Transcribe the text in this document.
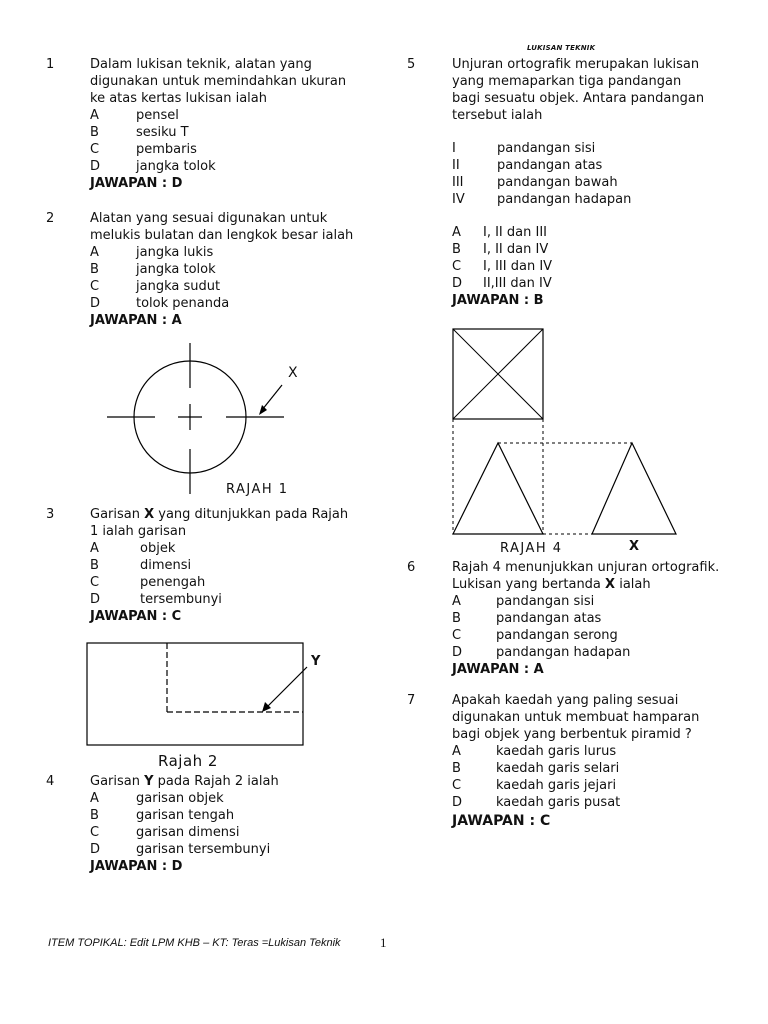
LUKISAN TEKNIK
1	Dalam lukisan teknik, alatan yang
digunakan untuk memindahkan ukuran
ke atas kertas lukisan ialah
A	pensel
B	sesiku T
C	pembaris
D	jangka tolok
JAWAPAN : D
2	Alatan yang sesuai digunakan untuk
melukis bulatan dan lengkok besar ialah
A	jangka lukis
B	jangka tolok
C	jangka sudut
D	tolok penanda
JAWAPAN : A
X
RAJAH 1
3	Garisan X yang ditunjukkan pada Rajah
1 ialah garisan
A	objek
B	dimensi
C	penengah
D	tersembunyi
JAWAPAN : C
Y
Rajah 2
4	Garisan Y pada Rajah 2 ialah
A	garisan objek
B	garisan tengah
C	garisan dimensi
D	garisan tersembunyi
JAWAPAN : D
5	Unjuran ortografik merupakan lukisan
yang memaparkan tiga pandangan
bagi sesuatu objek. Antara pandangan
tersebut ialah
I	pandangan sisi
II	pandangan atas
III	pandangan bawah
IV pandangan hadapan
A I, II dan III
B I, II dan IV
C I, III dan IV
D II,III dan IV
JAWAPAN : B
RAJAH 4	X
6	Rajah 4 menunjukkan unjuran ortografik.
Lukisan yang bertanda X ialah
A	pandangan sisi
B	pandangan atas
C	pandangan serong
D	pandangan hadapan
JAWAPAN : A
7	Apakah kaedah yang paling sesuai
digunakan untuk membuat hamparan
bagi objek yang berbentuk piramid ?
A	kaedah garis lurus
B	kaedah garis selari
C	kaedah garis jejari
D	kaedah garis pusat
JAWAPAN : C
ITEM TOPIKAL: Edit LPM KHB – KT: Teras =Lukisan Teknik	1
